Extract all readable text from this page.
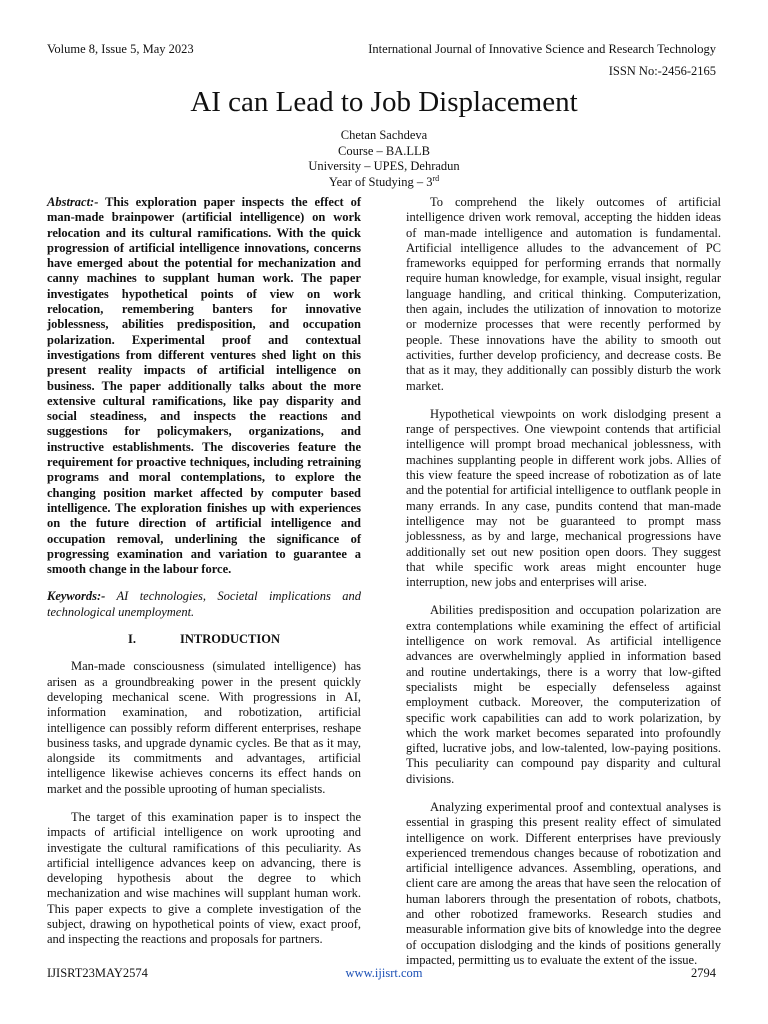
Volume 8, Issue 5, May 2023	International Journal of Innovative Science and Research Technology
ISSN No:-2456-2165
AI can Lead to Job Displacement
Chetan Sachdeva
Course – BA.LLB
University – UPES, Dehradun
Year of Studying – 3rd

Abstract:- This exploration paper inspects the effect of man-made brainpower (artificial intelligence) on work relocation and its cultural ramifications. With the quick progression of artificial intelligence innovations, concerns have emerged about the potential for mechanization and canny machines to supplant human work. The paper investigates hypothetical points of view on work relocation, remembering banters for innovative joblessness, abilities predisposition, and occupation polarization. Experimental proof and contextual investigations from different ventures shed light on this present reality impacts of artificial intelligence on business. The paper additionally talks about the more extensive cultural ramifications, like pay disparity and social steadiness, and inspects the reactions and suggestions for policymakers, organizations, and instructive establishments. The discoveries feature the requirement for proactive techniques, including retraining programs and moral contemplations, to explore the changing position market affected by computer based intelligence. The exploration finishes up with experiences on the future direction of artificial intelligence and occupation removal, underlining the significance of progressing examination and variation to guarantee a smooth change in the labour force.

Keywords:- AI technologies, Societal implications and technological unemployment.

I.	INTRODUCTION

Man-made consciousness (simulated intelligence) has arisen as a groundbreaking power in the present quickly developing mechanical scene. With progressions in AI, information examination, and robotization, artificial intelligence can possibly reform different enterprises, reshape business tasks, and upgrade dynamic cycles. Be that as it may, alongside its commitments and advantages, artificial intelligence likewise achieves concerns its effect hands on market and the possible uprooting of human specialists.

The target of this examination paper is to inspect the impacts of artificial intelligence on work uprooting and investigate the cultural ramifications of this peculiarity. As artificial intelligence advances keep on advancing, there is developing hypothesis about the degree to which mechanization and wise machines will supplant human work. This paper expects to give a complete investigation of the subject, drawing on hypothetical points of view, exact proof, and inspecting the reactions and proposals for partners.

To comprehend the likely outcomes of artificial intelligence driven work removal, accepting the hidden ideas of man-made intelligence and automation is fundamental. Artificial intelligence alludes to the advancement of PC frameworks equipped for performing errands that normally require human knowledge, for example, visual insight, regular language handling, and critical thinking. Computerization, then again, includes the utilization of innovation to motorize or modernize processes that were recently performed by people. These innovations have the ability to smooth out activities, further develop proficiency, and decrease costs. Be that as it may, they additionally can possibly disturb the work market.

Hypothetical viewpoints on work dislodging present a range of perspectives. One viewpoint contends that artificial intelligence will prompt broad mechanical joblessness, with machines supplanting people in different work jobs. Allies of this view feature the speed increase of robotization as of late and the potential for artificial intelligence to outflank people in many errands. In any case, pundits contend that man-made intelligence may not be guaranteed to prompt mass joblessness, as by and large, mechanical progressions have additionally set out new position open doors. They suggest that while specific work areas might encounter huge interruption, new jobs and enterprises will arise.

Abilities predisposition and occupation polarization are extra contemplations while examining the effect of artificial intelligence on work removal. As artificial intelligence advances are overwhelmingly applied in information based and routine undertakings, there is a worry that low-gifted specialists might be especially defenseless against employment cutback. Moreover, the computerization of specific work capabilities can add to work polarization, by which the work market becomes separated into profoundly gifted, lucrative jobs, and low-talented, low-paying positions. This peculiarity can compound pay disparity and cultural divisions.

Analyzing experimental proof and contextual analyses is essential in grasping this present reality effect of simulated intelligence on work. Different enterprises have previously experienced tremendous changes because of robotization and artificial intelligence advances. Assembling, operations, and client care are among the areas that have seen the relocation of human laborers through the presentation of robots, chatbots, and other robotized frameworks. Research studies and measurable information give bits of knowledge into the degree of occupation dislodging and the kinds of positions generally impacted, permitting us to evaluate the extent of the issue.

IJISRT23MAY2574	www.ijisrt.com	2794
